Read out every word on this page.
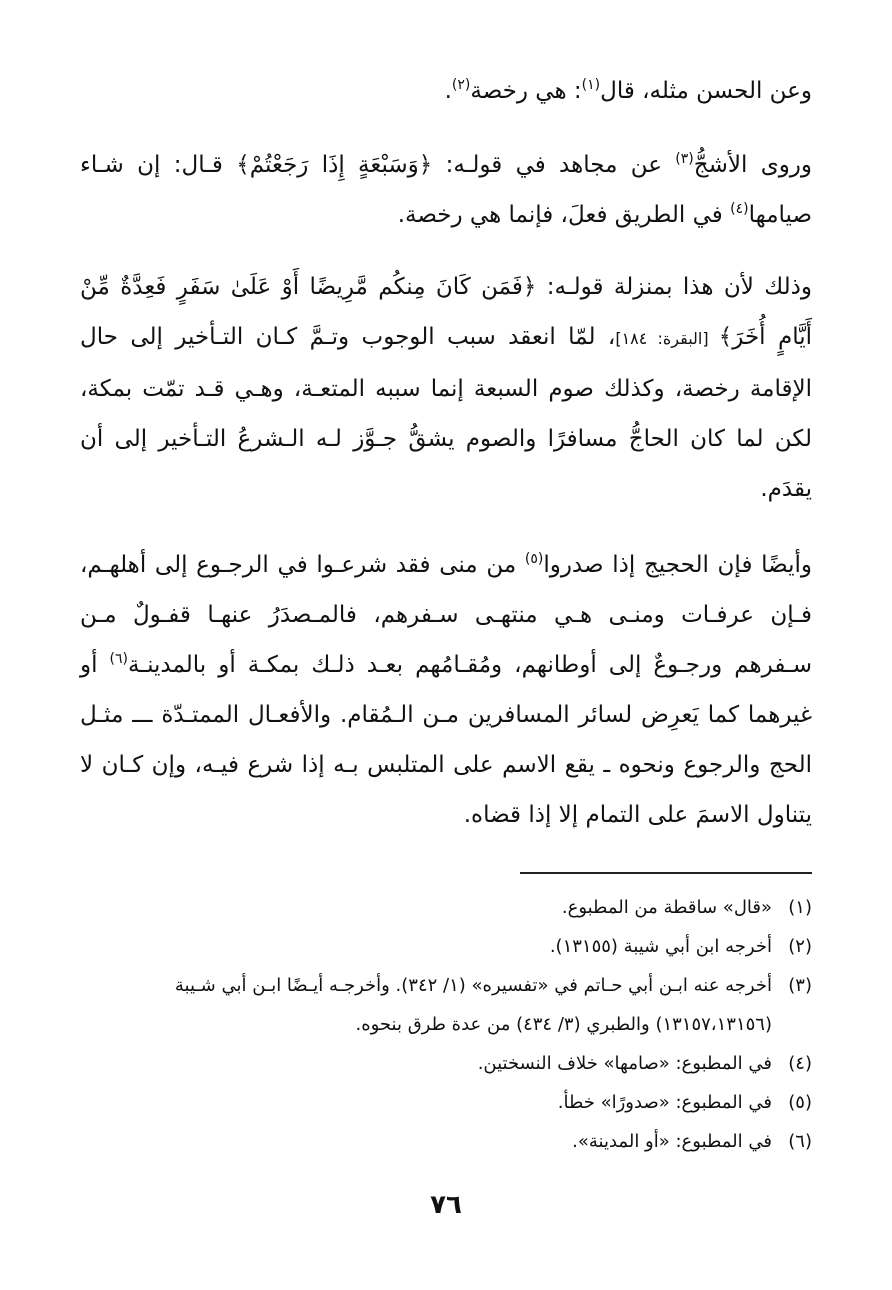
وعن الحسن مثله، قال$^{(١)}$: هي رخصة$^{(٢)}$.

وروى الأشجُّ$^{(٣)}$ عن مجاهد في قولـه: ﴿وَسَبْعَةٍ إِذَا رَجَعْتُمْ﴾ قـال: إن شـاء صيامها$^{(٤)}$ في الطريق فعلَ، فإنما هي رخصة.

وذلك لأن هذا بمنزلة قولـه: ﴿فَمَن كَانَ مِنكُم مَّرِيضًا أَوْ عَلَىٰ سَفَرٍ فَعِدَّةٌ مِّنْ أَيَّامٍ أُخَرَ﴾ [البقرة: ١٨٤]، لمّا انعقد سبب الوجوب وتـمَّ كـان التـأخير إلى حال الإقامة رخصة، وكذلك صوم السبعة إنما سببه المتعـة، وهـي قـد تمّت بمكة، لكن لما كان الحاجُّ مسافرًا والصوم يشقُّ جـوَّز لـه الـشرعُ التـأخير إلى أن يقدَم.

وأيضًا فإن الحجيج إذا صدروا$^{(٥)}$ من منى فقد شرعـوا في الرجـوع إلى أهلهـم، فـإن عرفـات ومنـى هـي منتهـى سـفرهم، فالمـصدَرُ عنهـا قفـولٌ مـن سـفرهم ورجـوعٌ إلى أوطانهم، ومُقـامُهم بعـد ذلـك بمكـة أو بالمدينـة$^{(٦)}$ أو غيرهما كما يَعرِض لسائر المسافرين مـن الـمُقام. والأفعـال الممتـدّة ـــ مثـل الحج والرجوع ونحوه ـ يقع الاسم على المتلبس بـه إذا شرع فيـه، وإن كـان لا يتناول الاسمَ على التمام إلا إذا قضاه.

(١)«قال» ساقطة من المطبوع.
(٢)أخرجه ابن أبي شيبة (١٣١٥٥).
(٣)أخرجه عنه ابـن أبي حـاتم في «تفسيره» (١/ ٣٤٢). وأخرجـه أيـضًا ابـن أبي شـيبة
(١٣١٥٧،١٣١٥٦) والطبري (٣/ ٤٣٤) من عدة طرق بنحوه.
(٤)في المطبوع: «صامها» خلاف النسختين.
(٥)في المطبوع: «صدورًا» خطأ.
(٦)في المطبوع: «أو المدينة».
٧٦
